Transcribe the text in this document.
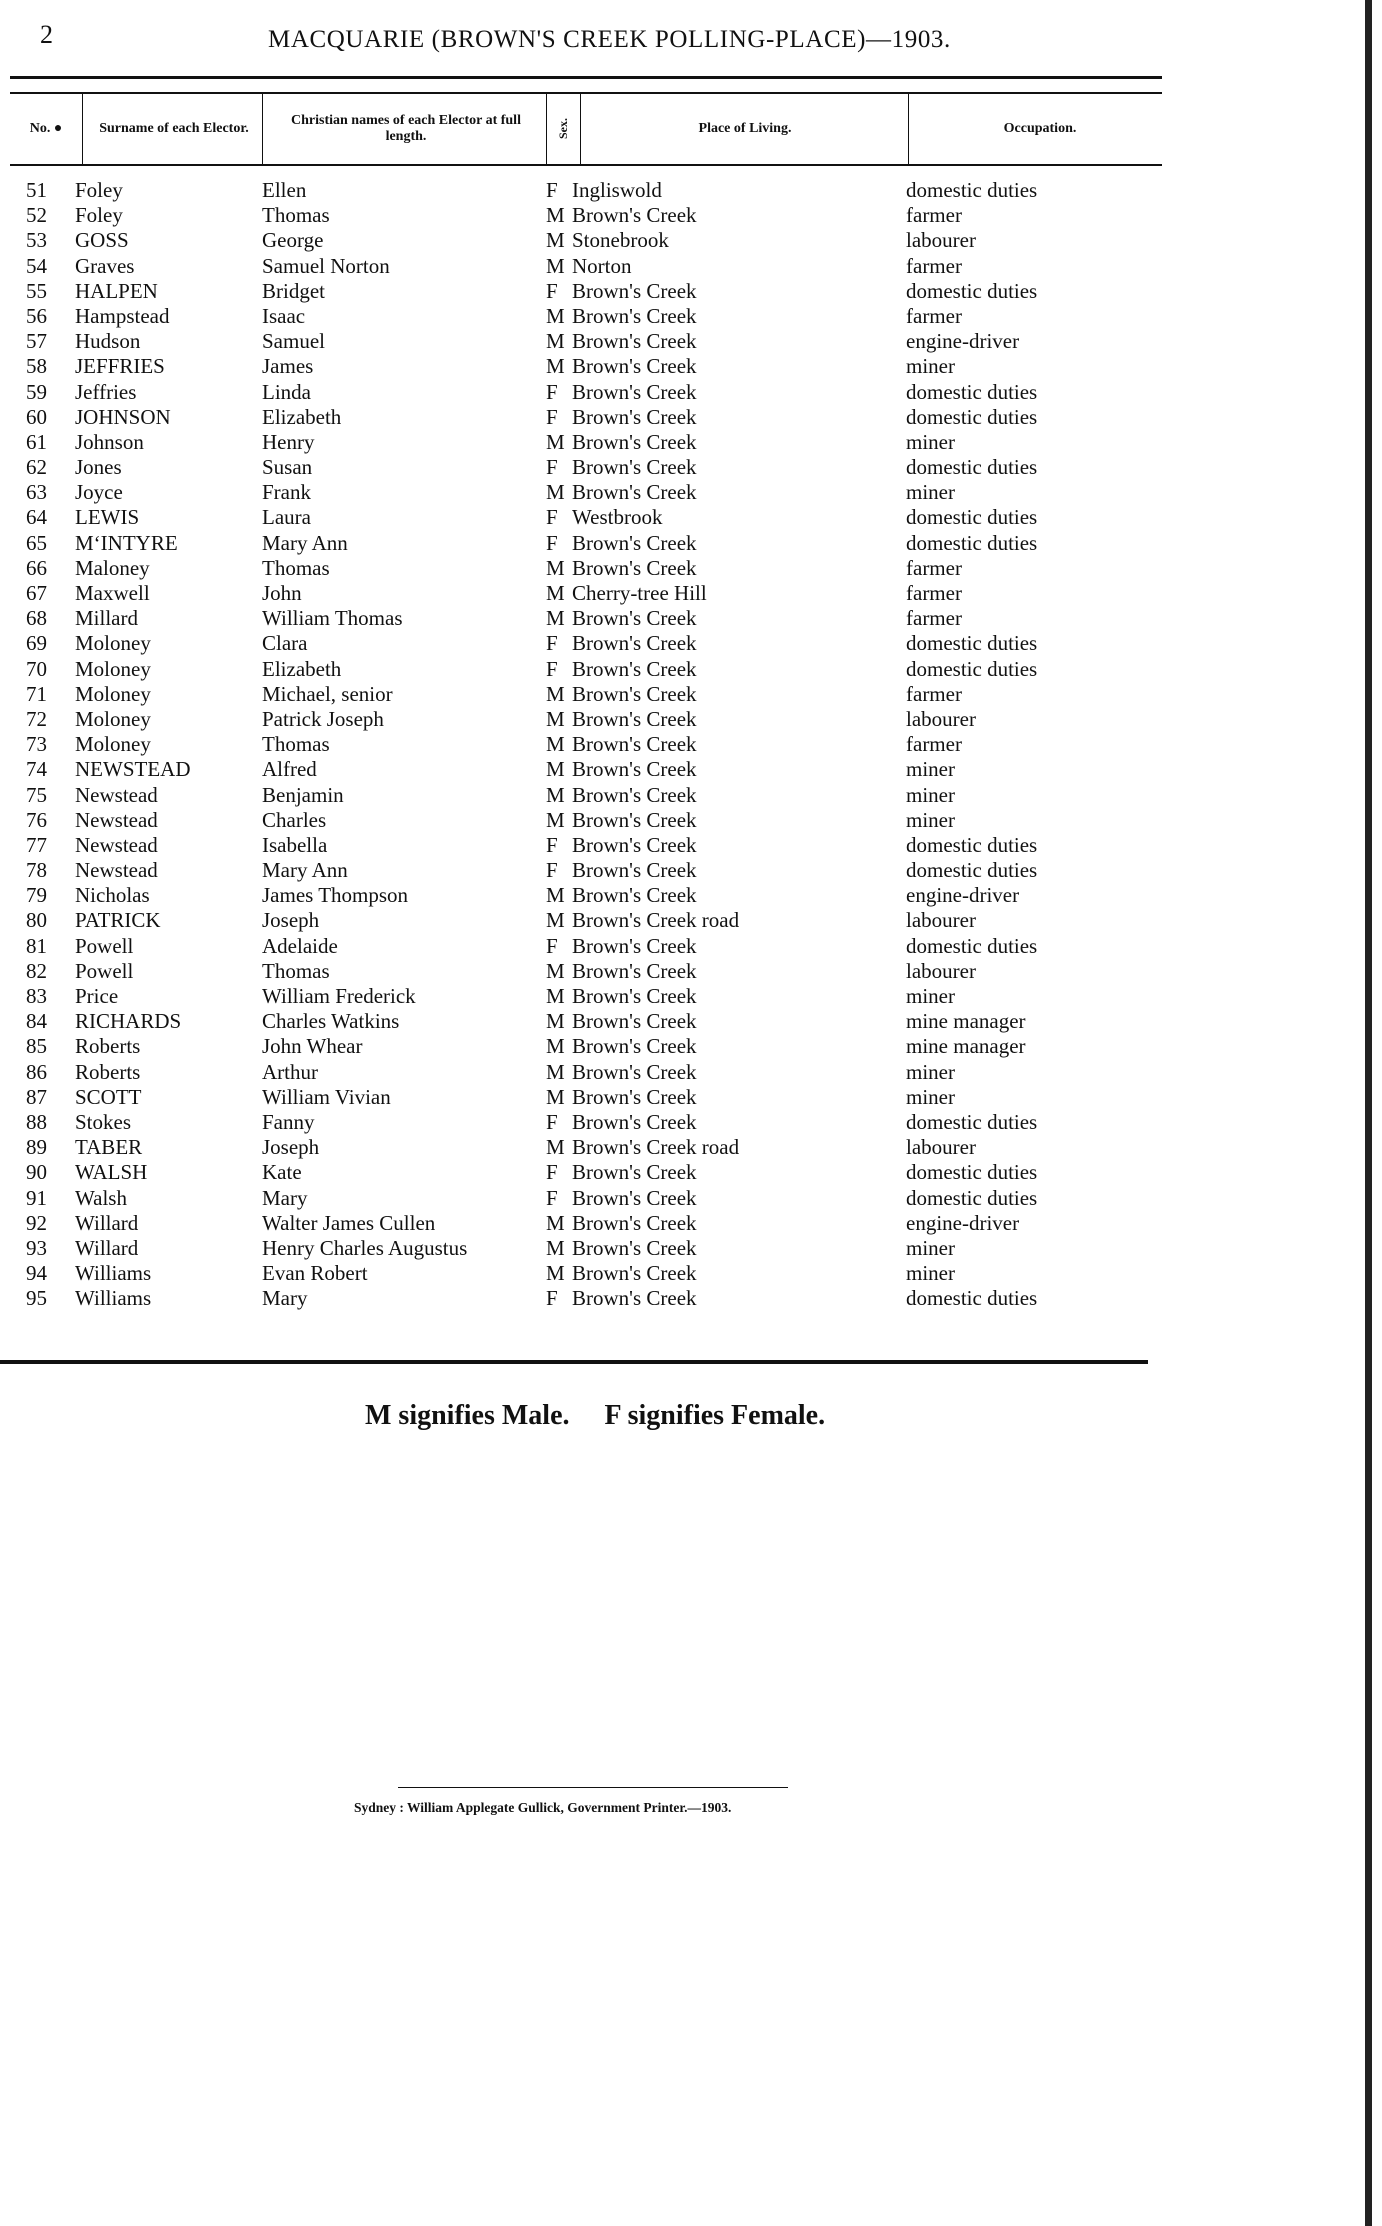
2	MACQUARIE (BROWN'S CREEK POLLING-PLACE)—1903.
No. ●	Surname of each Elector.
Christian names of each Elector at full length.	Sex.	Place of Living.	Occupation.
51 Foley	Ellen	F Ingliswold	domestic duties
52 Foley	Thomas	M Brown's Creek	farmer
53 GOSS	George	M Stonebrook	labourer
54 Graves	Samuel Norton	M Norton	farmer
55 HALPEN	Bridget	F Brown's Creek	domestic duties
56 Hampstead	Isaac	M Brown's Creek	farmer
57 Hudson	Samuel	M Brown's Creek	engine-driver
58 JEFFRIES	James	M Brown's Creek	miner
59 Jeffries	Linda	F Brown's Creek	domestic duties
60 JOHNSON	Elizabeth	F Brown's Creek	domestic duties
61 Johnson	Henry	M Brown's Creek	miner
62 Jones	Susan	F Brown's Creek	domestic duties
63 Joyce	Frank	M Brown's Creek	miner
64 LEWIS	Laura	F Westbrook	domestic duties
65 M‘INTYRE	Mary Ann	F Brown's Creek	domestic duties
66 Maloney	Thomas	M Brown's Creek	farmer
67 Maxwell	John	M Cherry-tree Hill	farmer
68 Millard	William Thomas	M Brown's Creek	farmer
69 Moloney	Clara	F Brown's Creek	domestic duties
70 Moloney	Elizabeth	F Brown's Creek	domestic duties
71 Moloney	Michael, senior	M Brown's Creek	farmer
72 Moloney	Patrick Joseph	M Brown's Creek	labourer
73 Moloney	Thomas	M Brown's Creek	farmer
74 NEWSTEAD	Alfred	M Brown's Creek	miner
75 Newstead	Benjamin	M Brown's Creek	miner
76 Newstead	Charles	M Brown's Creek	miner
77 Newstead	Isabella	F Brown's Creek	domestic duties
78 Newstead	Mary Ann	F Brown's Creek	domestic duties
79 Nicholas	James Thompson	M Brown's Creek	engine-driver
80 PATRICK	Joseph	M Brown's Creek road	labourer
81 Powell	Adelaide	F Brown's Creek	domestic duties
82 Powell	Thomas	M Brown's Creek	labourer
83 Price	William Frederick	M Brown's Creek	miner
84 RICHARDS	Charles Watkins	M Brown's Creek	mine manager
85 Roberts	John Whear	M Brown's Creek	mine manager
86 Roberts	Arthur	M Brown's Creek	miner
87 SCOTT	William Vivian	M Brown's Creek	miner
88 Stokes	Fanny	F Brown's Creek	domestic duties
89 TABER	Joseph	M Brown's Creek road	labourer
90 WALSH	Kate	F Brown's Creek	domestic duties
91 Walsh	Mary	F Brown's Creek	domestic duties
92 Willard	Walter James Cullen	M Brown's Creek	engine-driver
93 Willard	Henry Charles Augustus	M Brown's Creek	miner
94 Williams	Evan Robert	M Brown's Creek	miner
95 Williams	Mary	F Brown's Creek	domestic duties
M signifies Male. F signifies Female.
Sydney : William Applegate Gullick, Government Printer.—1903.
